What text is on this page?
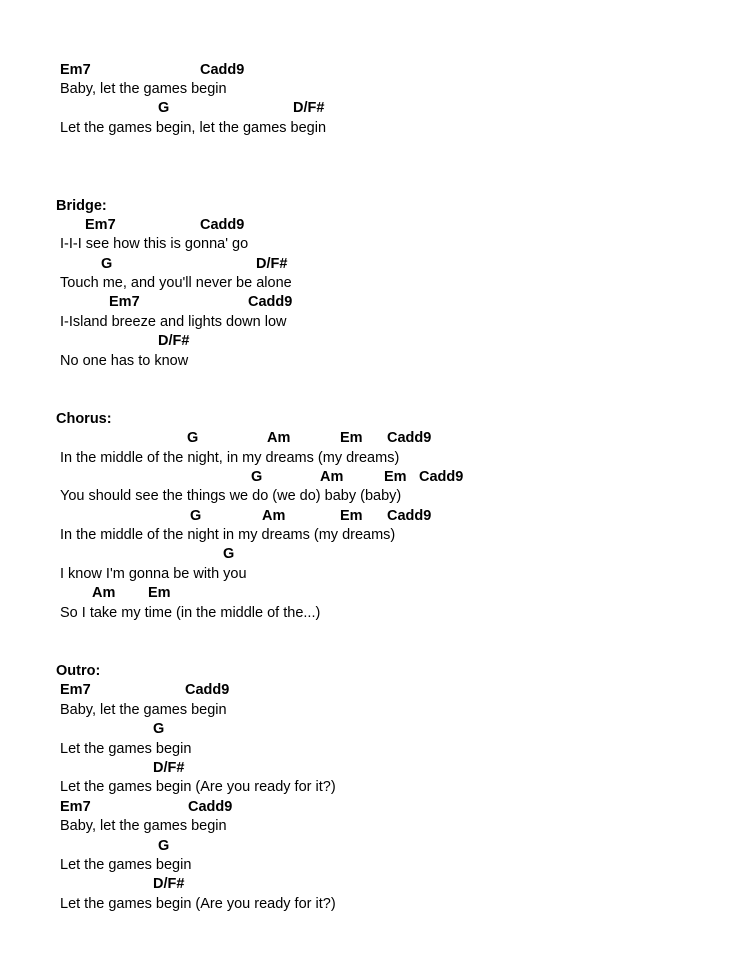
Em7	Cadd9
Baby, let the games begin
G	D/F#
Let the games begin, let the games begin
Bridge:
Em7	Cadd9
I-I-I see how this is gonna' go
G	D/F#
Touch me, and you'll never be alone
Em7	Cadd9
I-Island breeze and lights down low
D/F#
No one has to know
Chorus:
G	Am	Em Cadd9
In the middle of the night, in my dreams (my dreams)
G	Am	Em Cadd9
You should see the things we do (we do) baby (baby)
G	Am	Em Cadd9
In the middle of the night in my dreams (my dreams)
G
I know I'm gonna be with you
Am Em
So I take my time (in the middle of the...)
Outro:
Em7	Cadd9
Baby, let the games begin
G
Let the games begin
D/F#
Let the games begin (Are you ready for it?)
Em7	Cadd9
Baby, let the games begin
G
Let the games begin
D/F#
Let the games begin (Are you ready for it?)
